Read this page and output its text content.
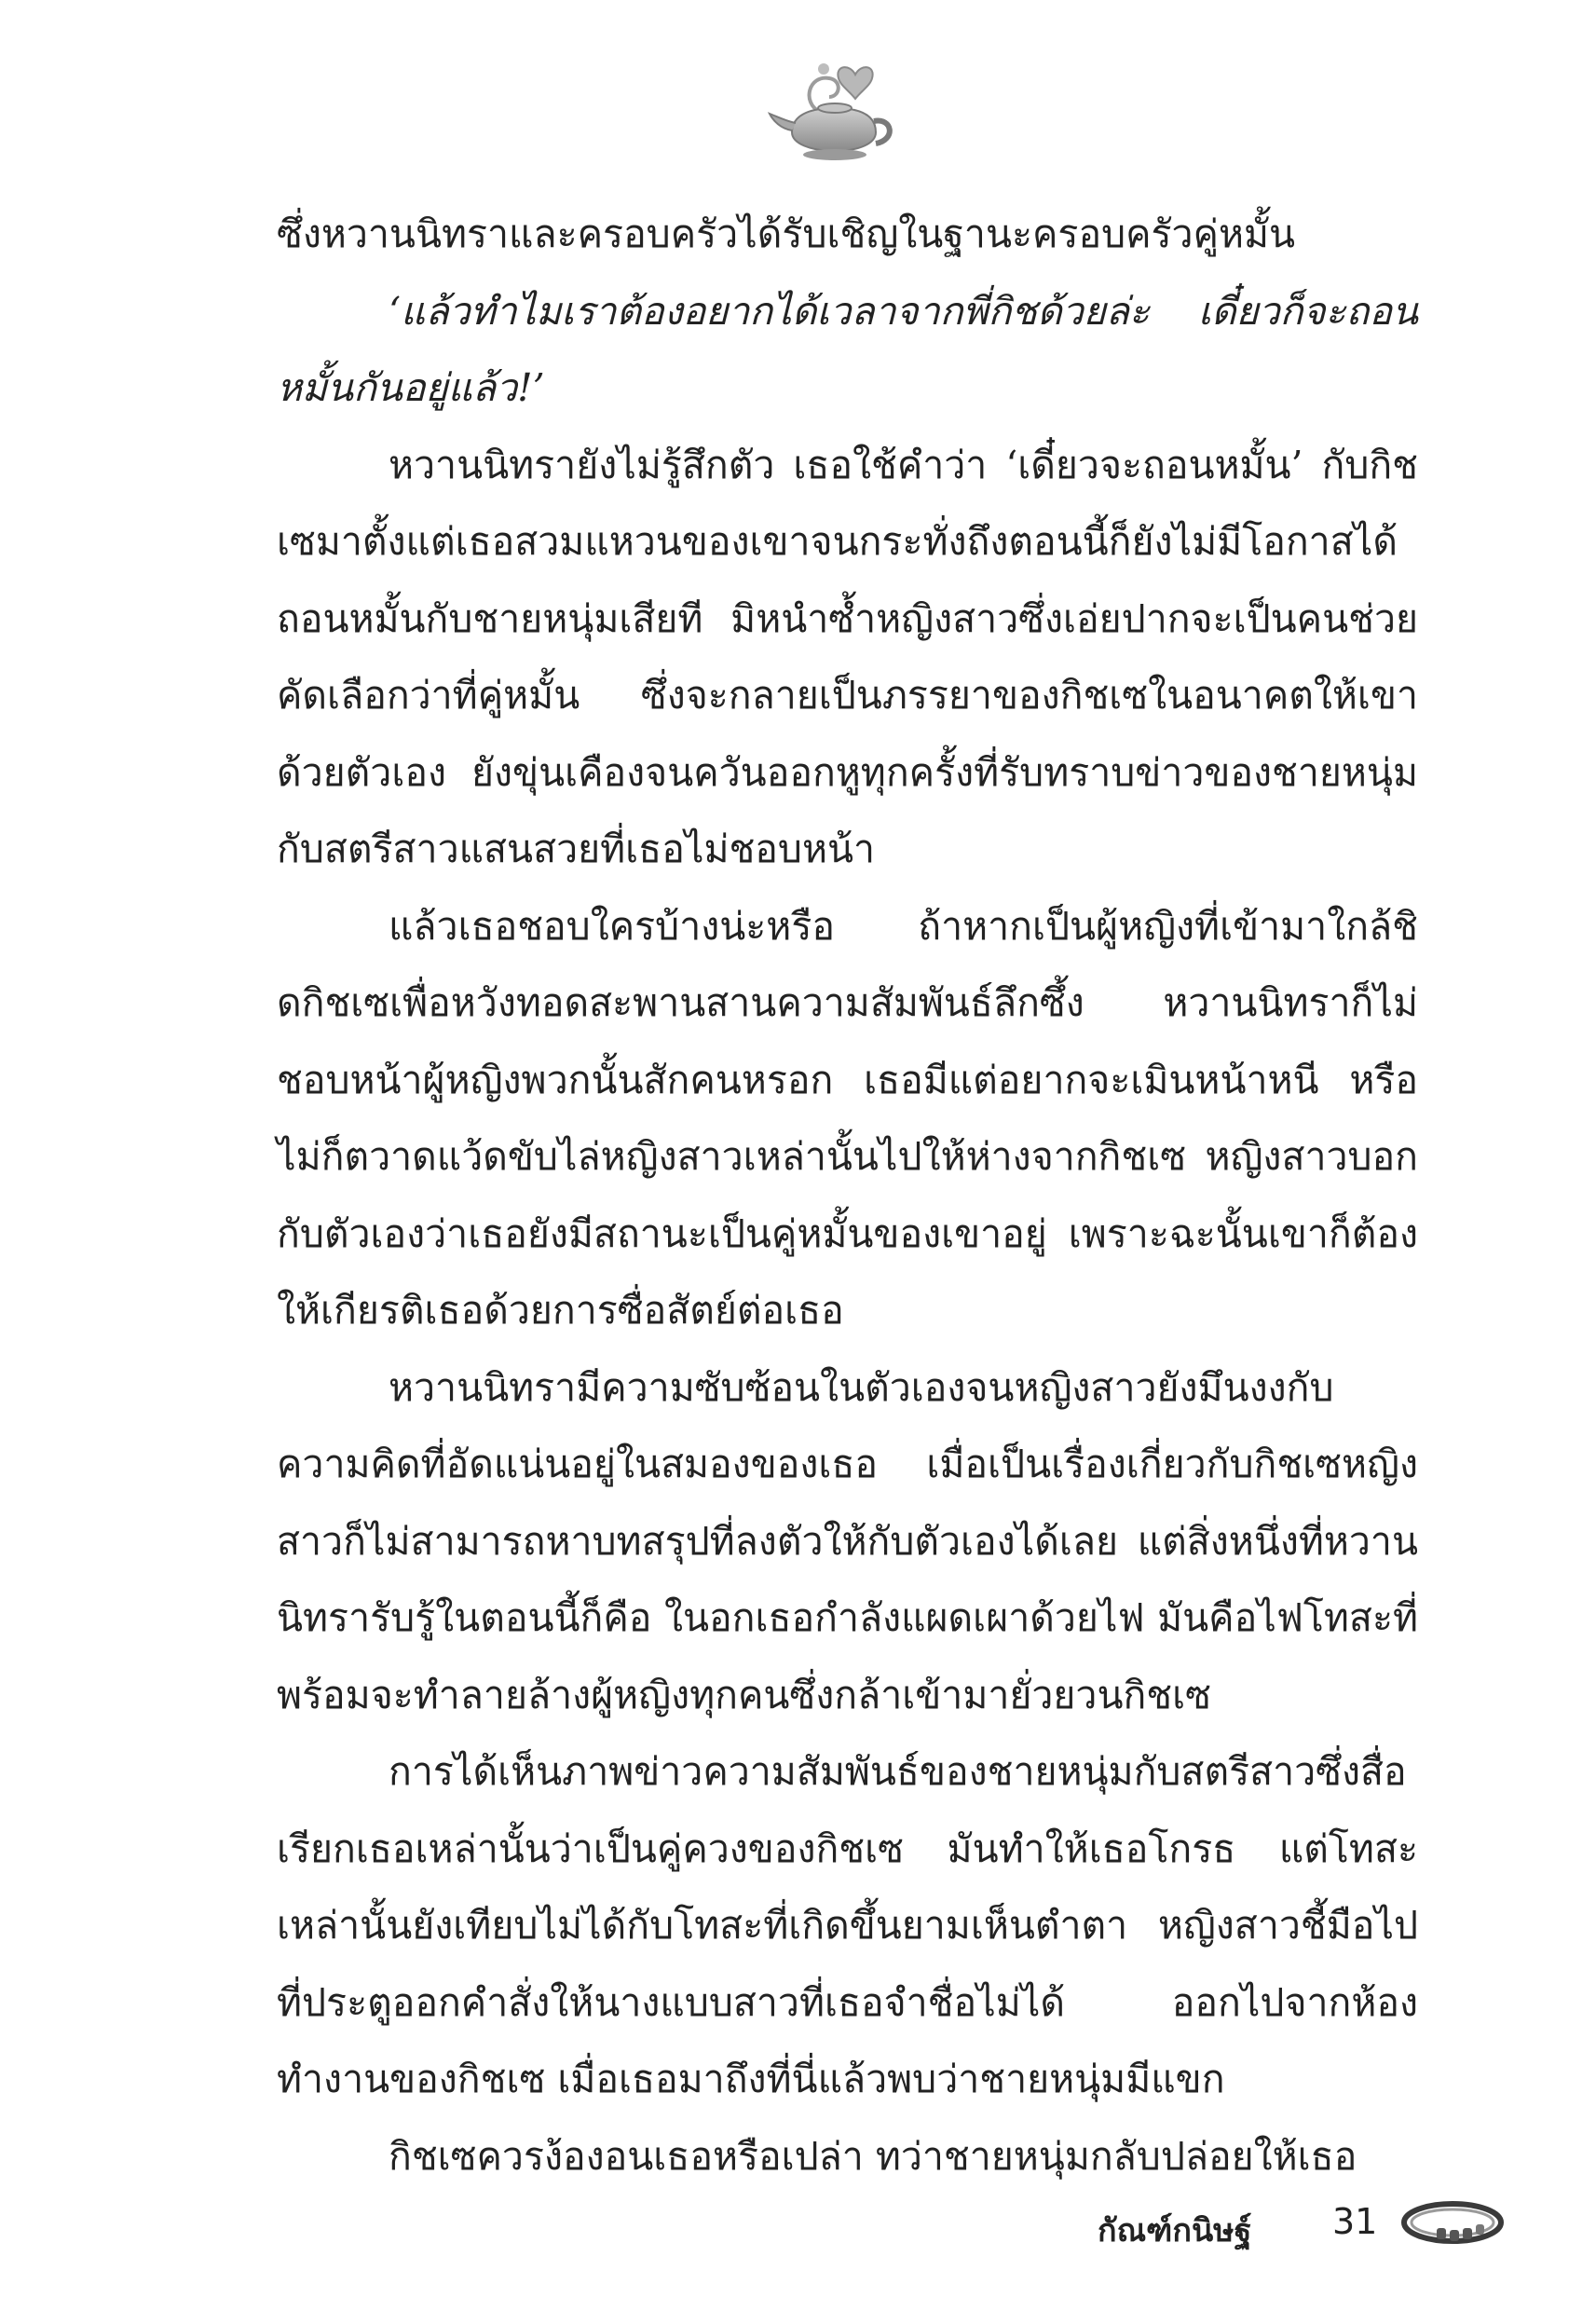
ซึ่งหวานนิทราและครอบครัวได้รับเชิญในฐานะครอบครัวคู่หมั้น

‘แล้วทำไมเราต้องอยากได้เวลาจากพี่กิชด้วยล่ะ เดี๋ยวก็จะถอนหมั้นกันอยู่แล้ว!’

หวานนิทรายังไม่รู้สึกตัว เธอใช้คำว่า ‘เดี๋ยวจะถอนหมั้น’ กับกิชเซมาตั้งแต่เธอสวมแหวนของเขาจนกระทั่งถึงตอนนี้ก็ยังไม่มีโอกาสได้ถอนหมั้นกับชายหนุ่มเสียที มิหนำซ้ำหญิงสาวซึ่งเอ่ยปากจะเป็นคนช่วยคัดเลือกว่าที่คู่หมั้น ซึ่งจะกลายเป็นภรรยาของกิชเซในอนาคตให้เขาด้วยตัวเอง ยังขุ่นเคืองจนควันออกหูทุกครั้งที่รับทราบข่าวของชายหนุ่มกับสตรีสาวแสนสวยที่เธอไม่ชอบหน้า

แล้วเธอชอบใครบ้างน่ะหรือ ถ้าหากเป็นผู้หญิงที่เข้ามาใกล้ชิดกิชเซเพื่อหวังทอดสะพานสานความสัมพันธ์ลึกซึ้ง หวานนิทราก็ไม่ชอบหน้าผู้หญิงพวกนั้นสักคนหรอก เธอมีแต่อยากจะเมินหน้าหนี หรือไม่ก็ตวาดแว้ดขับไล่หญิงสาวเหล่านั้นไปให้ห่างจากกิชเซ หญิงสาวบอกกับตัวเองว่าเธอยังมีสถานะเป็นคู่หมั้นของเขาอยู่ เพราะฉะนั้นเขาก็ต้องให้เกียรติเธอด้วยการซื่อสัตย์ต่อเธอ

หวานนิทรามีความซับซ้อนในตัวเองจนหญิงสาวยังมึนงงกับความคิดที่อัดแน่นอยู่ในสมองของเธอ เมื่อเป็นเรื่องเกี่ยวกับกิชเซหญิงสาวก็ไม่สามารถหาบทสรุปที่ลงตัวให้กับตัวเองได้เลย แต่สิ่งหนึ่งที่หวานนิทรารับรู้ในตอนนี้ก็คือ ในอกเธอกำลังแผดเผาด้วยไฟ มันคือไฟโทสะที่พร้อมจะทำลายล้างผู้หญิงทุกคนซึ่งกล้าเข้ามายั่วยวนกิชเซ

การได้เห็นภาพข่าวความสัมพันธ์ของชายหนุ่มกับสตรีสาวซึ่งสื่อเรียกเธอเหล่านั้นว่าเป็นคู่ควงของกิชเซ มันทำให้เธอโกรธ แต่โทสะเหล่านั้นยังเทียบไม่ได้กับโทสะที่เกิดขึ้นยามเห็นตำตา หญิงสาวชี้มือไปที่ประตูออกคำสั่งให้นางแบบสาวที่เธอจำชื่อไม่ได้ ออกไปจากห้องทำงานของกิชเซ เมื่อเธอมาถึงที่นี่แล้วพบว่าชายหนุ่มมีแขก

กิชเซควรง้องอนเธอหรือเปล่า ทว่าชายหนุ่มกลับปล่อยให้เธอ

กัณฑ์กนิษฐ์ 31
